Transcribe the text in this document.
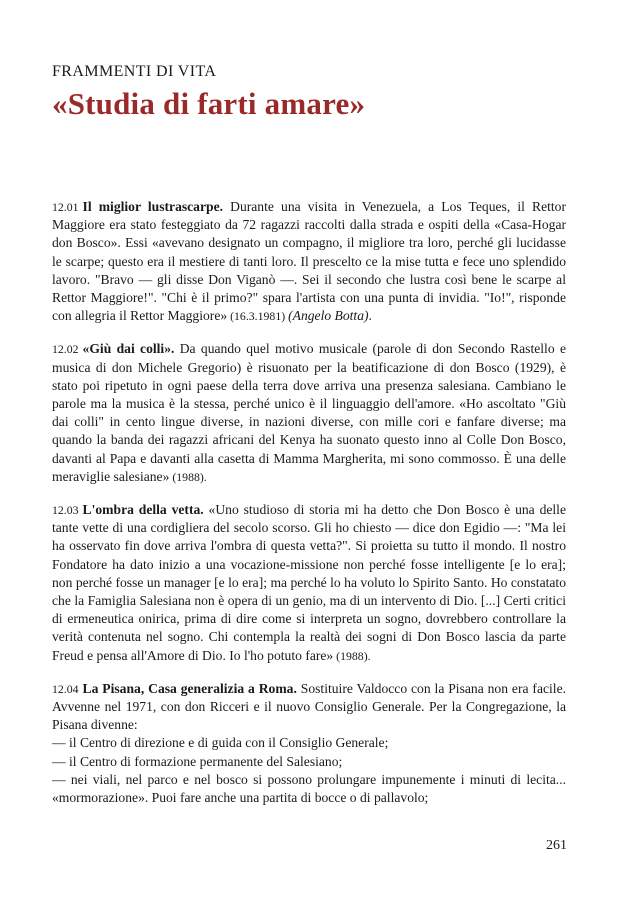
FRAMMENTI DI VITA
«Studia di farti amare»

12.01 Il miglior lustrascarpe. Durante una visita in Venezuela, a Los Teques, il Rettor Maggiore era stato festeggiato da 72 ragazzi raccolti dalla strada e ospiti della «Casa-Hogar don Bosco». Essi «avevano designato un compagno, il migliore tra loro, perché gli lucidasse le scarpe; questo era il mestiere di tanti loro. Il prescelto ce la mise tutta e fece uno splendido lavoro. "Bravo — gli disse Don Viganò —. Sei il secondo che lustra così bene le scarpe al Rettor Maggiore!". "Chi è il primo?" spara l'artista con una punta di invidia. "Io!", risponde con allegria il Rettor Maggiore» (16.3.1981) (Angelo Botta).

12.02 «Giù dai colli». Da quando quel motivo musicale (parole di don Secondo Rastello e musica di don Michele Gregorio) è risuonato per la beatificazione di don Bosco (1929), è stato poi ripetuto in ogni paese della terra dove arriva una presenza salesiana. Cambiano le parole ma la musica è la stessa, perché unico è il linguaggio dell'amore. «Ho ascoltato "Giù dai colli" in cento lingue diverse, in nazioni diverse, con mille cori e fanfare diverse; ma quando la banda dei ragazzi africani del Kenya ha suonato questo inno al Colle Don Bosco, davanti al Papa e davanti alla casetta di Mamma Margherita, mi sono commosso. È una delle meraviglie salesiane» (1988).

12.03 L'ombra della vetta. «Uno studioso di storia mi ha detto che Don Bosco è una delle tante vette di una cordigliera del secolo scorso. Gli ho chiesto — dice don Egidio —: "Ma lei ha osservato fin dove arriva l'ombra di questa vetta?". Si proietta su tutto il mondo. Il nostro Fondatore ha dato inizio a una vocazione-missione non perché fosse intelligente [e lo era]; non perché fosse un manager [e lo era]; ma perché lo ha voluto lo Spirito Santo. Ho constatato che la Famiglia Salesiana non è opera di un genio, ma di un intervento di Dio. [...] Certi critici di ermeneutica onirica, prima di dire come si interpreta un sogno, dovrebbero controllare la verità contenuta nel sogno. Chi contempla la realtà dei sogni di Don Bosco lascia da parte Freud e pensa all'Amore di Dio. Io l'ho potuto fare» (1988).

12.04 La Pisana, Casa generalizia a Roma. Sostituire Valdocco con la Pisana non era facile. Avvenne nel 1971, con don Ricceri e il nuovo Consiglio Generale. Per la Congregazione, la Pisana divenne:
— il Centro di direzione e di guida con il Consiglio Generale;
— il Centro di formazione permanente del Salesiano;
— nei viali, nel parco e nel bosco si possono prolungare impunemente i minuti di lecita... «mormorazione». Puoi fare anche una partita di bocce o di pallavolo;
261
